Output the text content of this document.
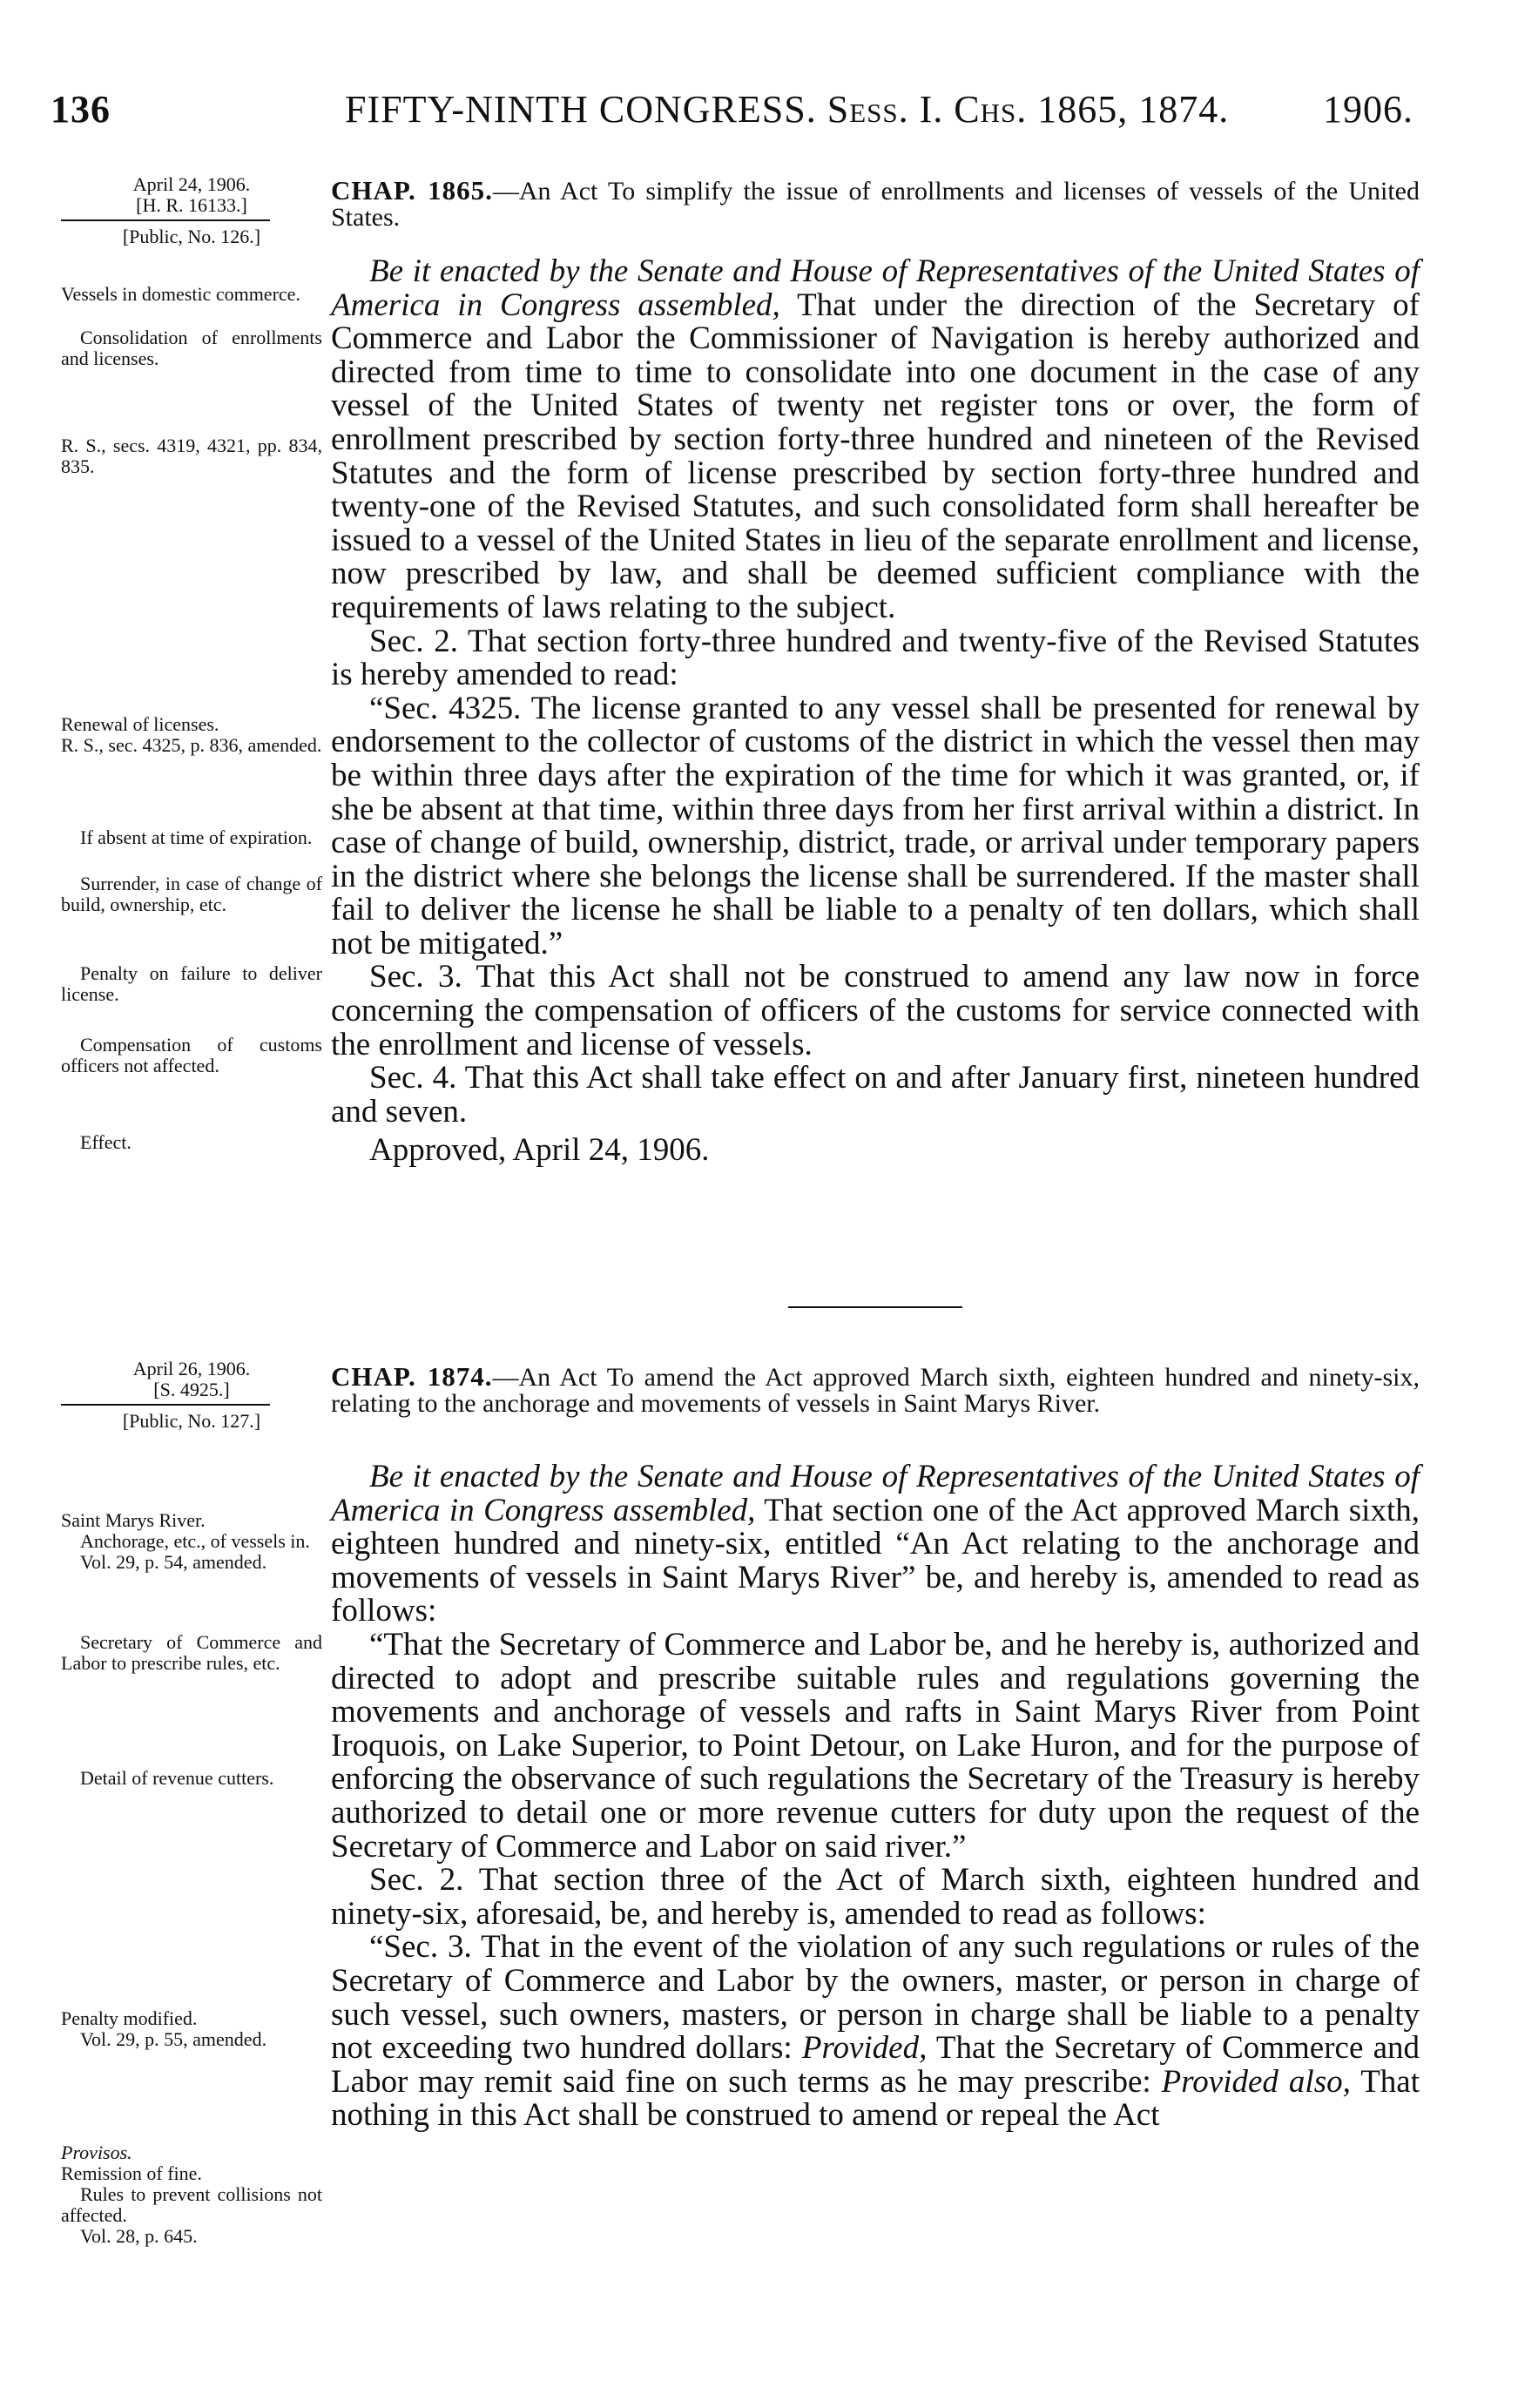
136	FIFTY-NINTH CONGRESS. Sess. I. Chs. 1865, 1874. 1906.

April 24, 1906.

[H. R. 16133.]

[Public, No. 126.]

Vessels in domestic commerce.

Consolidation of enrollments and licenses.

R. S., secs. 4319, 4321, pp. 834, 835.

Renewal of licenses.

R. S., sec. 4325, p. 836, amended.

If absent at time of expiration.

Surrender, in case of change of build, ownership, etc.

Penalty on failure to deliver license.

Compensation of customs officers not affected.

Effect.

CHAP. 1865.—An Act To simplify the issue of enrollments and licenses of vessels of the United States.

Be it enacted by the Senate and House of Representatives of the United States of America in Congress assembled, That under the direction of the Secretary of Commerce and Labor the Commissioner of Navigation is hereby authorized and directed from time to time to consolidate into one document in the case of any vessel of the United States of twenty net register tons or over, the form of enrollment prescribed by section forty-three hundred and nineteen of the Revised Statutes and the form of license prescribed by section forty-three hundred and twenty-one of the Revised Statutes, and such consolidated form shall hereafter be issued to a vessel of the United States in lieu of the separate enrollment and license, now prescribed by law, and shall be deemed sufficient compliance with the requirements of laws relating to the subject.

Sec. 2. That section forty-three hundred and twenty-five of the Revised Statutes is hereby amended to read:

“Sec. 4325. The license granted to any vessel shall be presented for renewal by endorsement to the collector of customs of the district in which the vessel then may be within three days after the expiration of the time for which it was granted, or, if she be absent at that time, within three days from her first arrival within a district. In case of change of build, ownership, district, trade, or arrival under temporary papers in the district where she belongs the license shall be surrendered. If the master shall fail to deliver the license he shall be liable to a penalty of ten dollars, which shall not be mitigated.”

Sec. 3. That this Act shall not be construed to amend any law now in force concerning the compensation of officers of the customs for service connected with the enrollment and license of vessels.

Sec. 4. That this Act shall take effect on and after January first, nineteen hundred and seven.

Approved, April 24, 1906.

April 26, 1906.

[S. 4925.]

[Public, No. 127.]

Saint Marys River.

Anchorage, etc., of vessels in.

Vol. 29, p. 54, amended.

Secretary of Commerce and Labor to prescribe rules, etc.

Detail of revenue cutters.

Penalty modified.

Vol. 29, p. 55, amended.

Provisos.

Remission of fine.

Rules to prevent collisions not affected.

Vol. 28, p. 645.

CHAP. 1874.—An Act To amend the Act approved March sixth, eighteen hundred and ninety-six, relating to the anchorage and movements of vessels in Saint Marys River.

Be it enacted by the Senate and House of Representatives of the United States of America in Congress assembled, That section one of the Act approved March sixth, eighteen hundred and ninety-six, entitled “An Act relating to the anchorage and movements of vessels in Saint Marys River” be, and hereby is, amended to read as follows:

“That the Secretary of Commerce and Labor be, and he hereby is, authorized and directed to adopt and prescribe suitable rules and regulations governing the movements and anchorage of vessels and rafts in Saint Marys River from Point Iroquois, on Lake Superior, to Point Detour, on Lake Huron, and for the purpose of enforcing the observance of such regulations the Secretary of the Treasury is hereby authorized to detail one or more revenue cutters for duty upon the request of the Secretary of Commerce and Labor on said river.”

Sec. 2. That section three of the Act of March sixth, eighteen hundred and ninety-six, aforesaid, be, and hereby is, amended to read as follows:

“Sec. 3. That in the event of the violation of any such regulations or rules of the Secretary of Commerce and Labor by the owners, master, or person in charge of such vessel, such owners, masters, or person in charge shall be liable to a penalty not exceeding two hundred dollars: Provided, That the Secretary of Commerce and Labor may remit said fine on such terms as he may prescribe: Provided also, That nothing in this Act shall be construed to amend or repeal the Act
